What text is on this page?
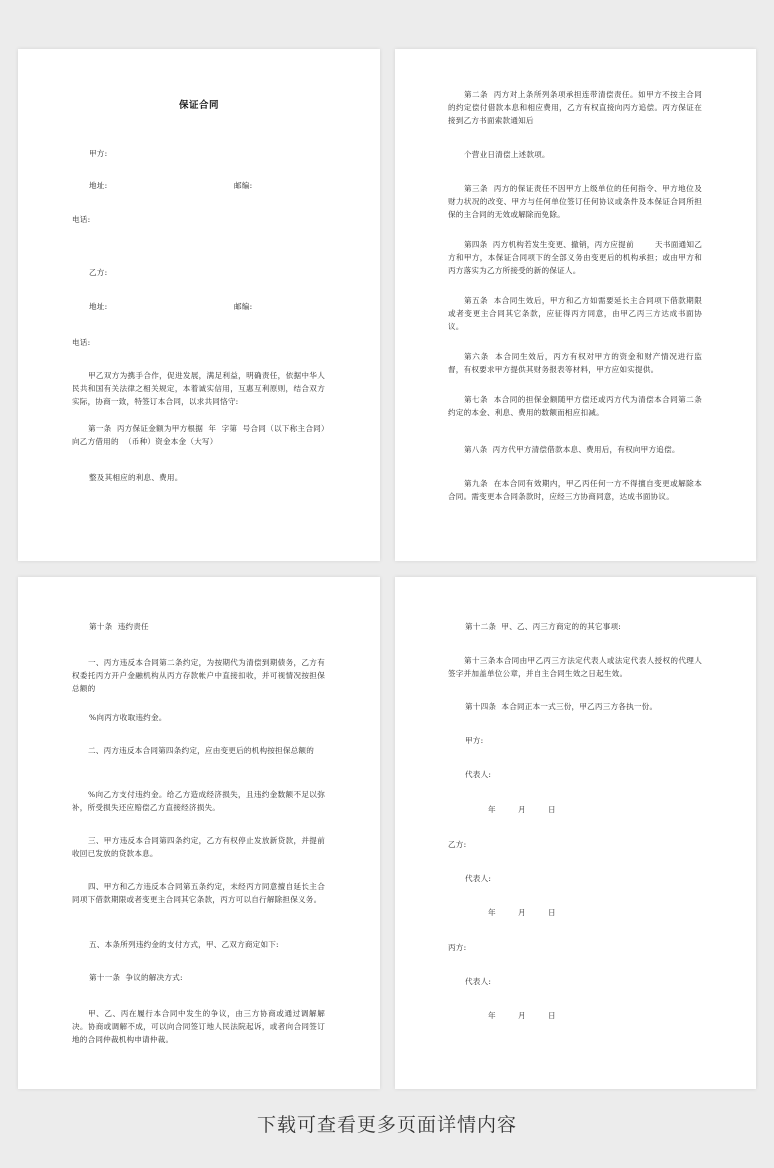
保证合同
甲方:
地址:	邮编:
电话:
乙方:
地址:	邮编:
电话:
甲乙双方为携手合作，促进发展，满足利益，明确责任，依据中华人民共和国有关法律之相关规定，本着诚实信用，互惠互利原则，结合双方实际，协商一致，特签订本合同，以求共同恪守:
第一条  丙方保证金额为甲方根据  年  字第  号合同（以下称主合同）向乙方借用的  （币种）资金本金（大写）
整及其相应的利息、费用。
第二条  丙方对上条所列条项承担连带清偿责任。如甲方不按主合同的约定偿付借款本息和相应费用，乙方有权直接向丙方追偿。丙方保证在接到乙方书面索款通知后
个营业日清偿上述款项。
第三条  丙方的保证责任不因甲方上级单位的任何指令、甲方地位及财力状况的改变、甲方与任何单位签订任何协议或条件及本保证合同所担保的主合同的无效或解除而免除。
第四条  丙方机构若发生变更、撤销，丙方应提前        天书面通知乙方和甲方，本保证合同项下的全部义务由变更后的机构承担；或由甲方和丙方落实为乙方所接受的新的保证人。
第五条  本合同生效后，甲方和乙方如需要延长主合同项下借款期限或者变更主合同其它条款，应征得丙方同意，由甲乙丙三方达成书面协议。
第六条  本合同生效后，丙方有权对甲方的资金和财产情况进行监督，有权要求甲方提供其财务报表等材料，甲方应如实提供。
第七条  本合同的担保金额随甲方偿还或丙方代为清偿本合同第二条约定的本金、利息、费用的数额而相应扣减。
第八条  丙方代甲方清偿借款本息、费用后，有权向甲方追偿。
第九条  在本合同有效期内，甲乙丙任何一方不得擅自变更或解除本合同。需变更本合同条款时，应经三方协商同意，达成书面协议。
第十条  违约责任
一、丙方违反本合同第二条约定，为按期代为清偿到期债务，乙方有权委托丙方开户金融机构从丙方存款帐户中直接扣收，并可视情况按担保总额的
%向丙方收取违约金。
二、丙方违反本合同第四条约定，应由变更后的机构按担保总额的
%向乙方支付违约金。给乙方造成经济损失，且违约金数额不足以弥补，所受损失还应赔偿乙方直接经济损失。
三、甲方违反本合同第四条约定，乙方有权停止发放新贷款，并提前收回已发放的贷款本息。
四、甲方和乙方违反本合同第五条约定，未经丙方同意擅自延长主合同项下借款期限或者变更主合同其它条款，丙方可以自行解除担保义务。
五、本条所列违约金的支付方式，甲、乙双方商定如下:
第十一条  争议的解决方式:
甲、乙、丙在履行本合同中发生的争议，由三方协商或通过调解解决。协商或调解不成，可以向合同签订地人民法院起诉，或者向合同签订地的合同仲裁机构申请仲裁。
第十二条  甲、乙、丙三方商定的的其它事项:
第十三条本合同由甲乙丙三方法定代表人或法定代表人授权的代理人签字并加盖单位公章，并自主合同生效之日起生效。
第十四条  本合同正本一式三份，甲乙丙三方各执一份。
甲方:
代表人:
年	月	日
乙方:
代表人:
年	月	日
丙方:
代表人:
年	月	日
下载可查看更多页面详情内容
